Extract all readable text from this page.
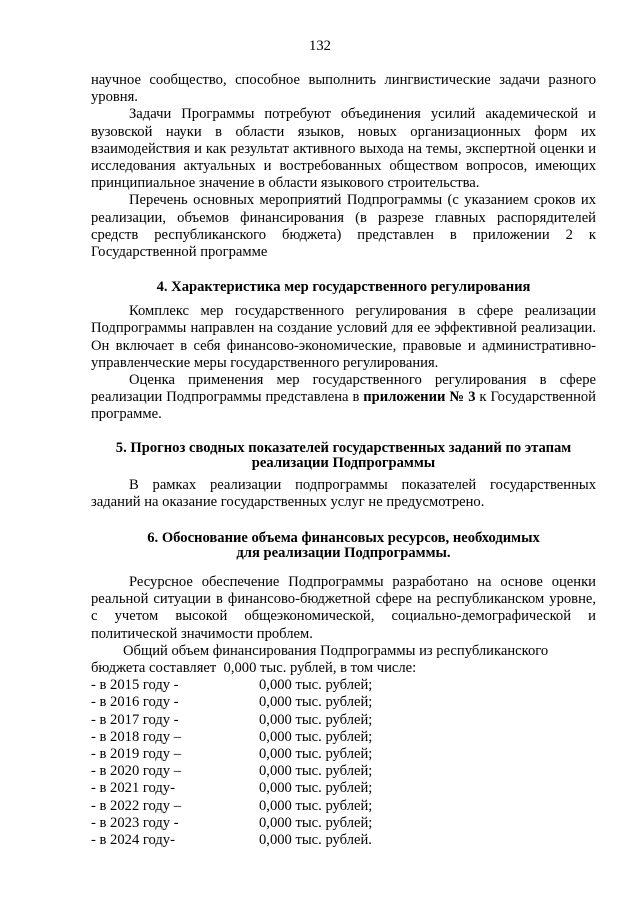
132

научное сообщество, способное выполнить лингвистические задачи разного уровня.

Задачи Программы потребуют объединения усилий академической и вузовской науки в области языков, новых организационных форм их взаимодействия и как результат активного выхода на темы, экспертной оценки и исследования актуальных и востребованных обществом вопросов, имеющих принципиальное значение в области языкового строительства.

Перечень основных мероприятий Подпрограммы (с указанием сроков их реализации, объемов финансирования (в разрезе главных распорядителей средств республиканского бюджета) представлен в приложении 2 к Государственной программе

4. Характеристика мер государственного регулирования

Комплекс мер государственного регулирования в сфере реализации Подпрограммы направлен на создание условий для ее эффективной реализации. Он включает в себя финансово-экономические, правовые и административно-управленческие меры государственного регулирования.

Оценка применения мер государственного регулирования в сфере реализации Подпрограммы представлена в приложении № 3 к Государственной программе.

5. Прогноз сводных показателей государственных заданий по этапам
реализации Подпрограммы

В рамках реализации подпрограммы показателей государственных заданий на оказание государственных услуг не предусмотрено.

6. Обоснование объема финансовых ресурсов, необходимых
для реализации Подпрограммы.

Ресурсное обеспечение Подпрограммы разработано на основе оценки реальной ситуации в финансово-бюджетной сфере на республиканском уровне, с учетом высокой общеэкономической, социально-демографической и политической значимости проблем.

Общий объем финансирования Подпрограммы из республиканского
бюджета составляет  0,000 тыс. рублей, в том числе:

- в 2015 году -	0,000 тыс. рублей;
- в 2016 году -	0,000 тыс. рублей;
- в 2017 году -	0,000 тыс. рублей;
- в 2018 году –	0,000 тыс. рублей;
- в 2019 году –	0,000 тыс. рублей;
- в 2020 году –	0,000 тыс. рублей;
- в 2021 году-	0,000 тыс. рублей;
- в 2022 году –	0,000 тыс. рублей;
- в 2023 году -	0,000 тыс. рублей;
- в 2024 году-	0,000 тыс. рублей.
